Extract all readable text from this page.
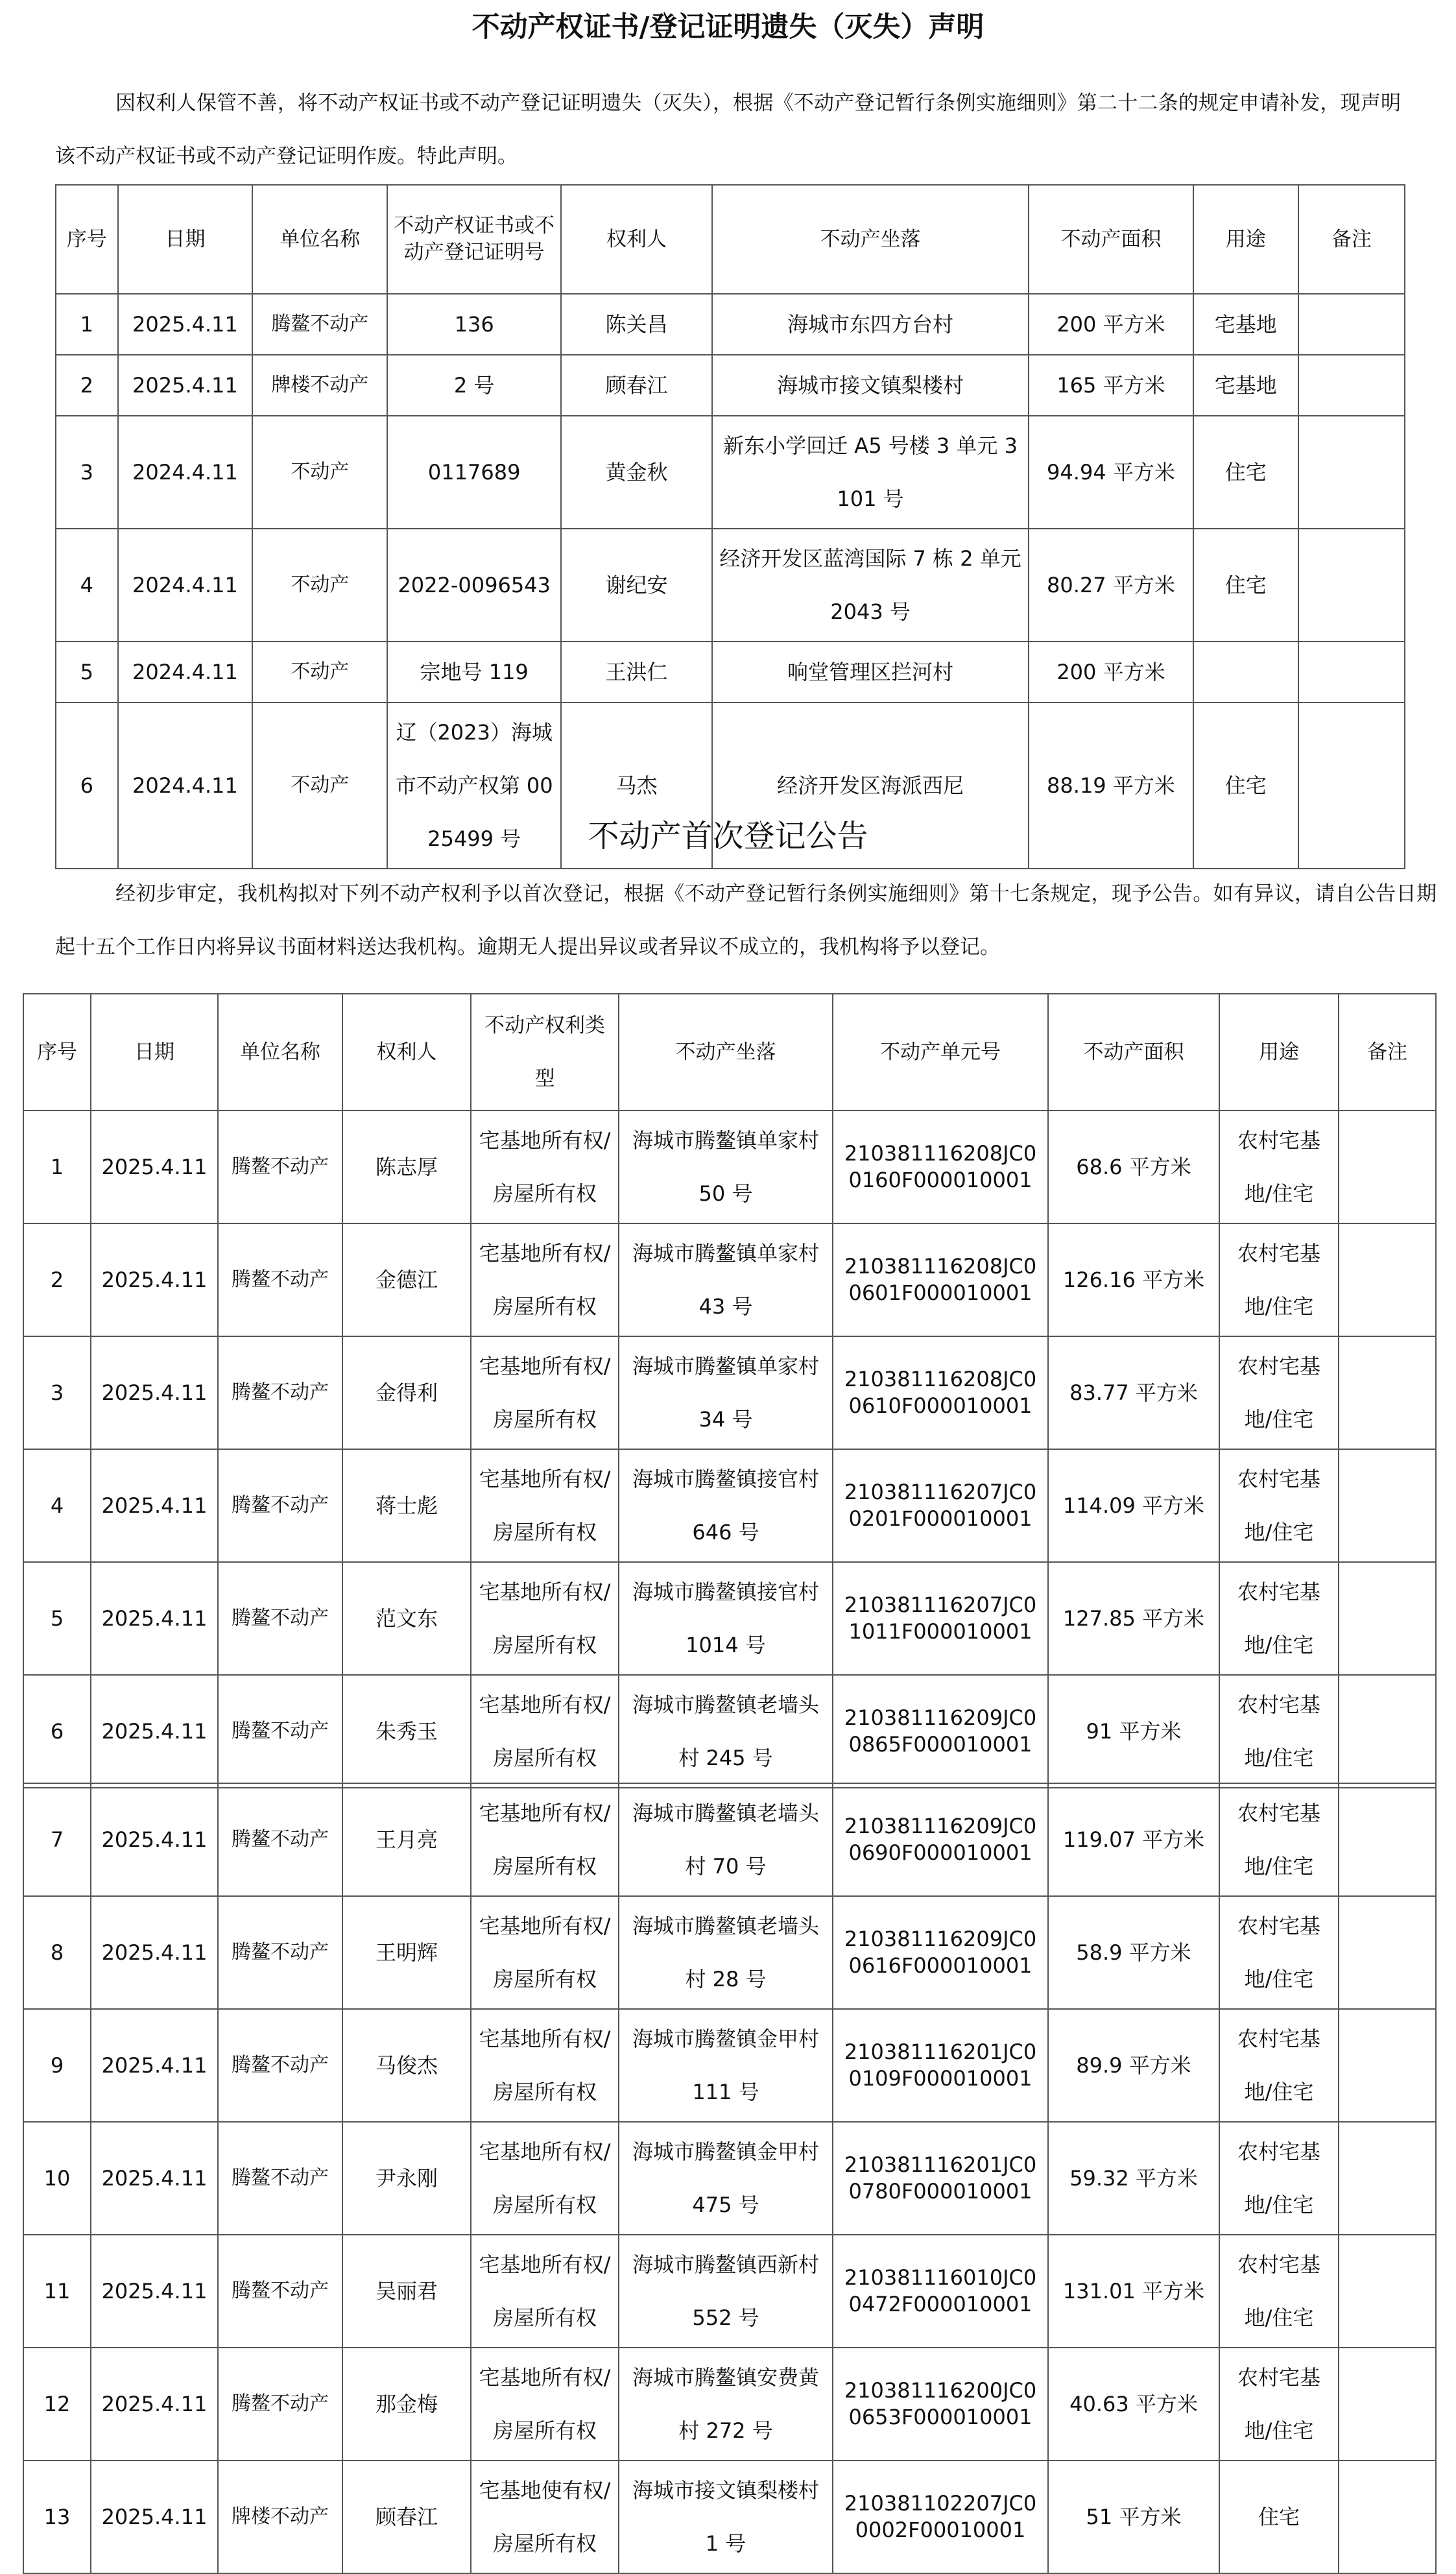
不动产权证书/登记证明遗失（灭失）声明

因权利人保管不善，将不动产权证书或不动产登记证明遗失（灭失），根据《不动产登记暂行条例实施细则》第二十二条的规定申请补发，现声明该不动产权证书或不动产登记证明作废。特此声明。

序号	日期	单位名称	不动产权证书或不动产登记证明号	权利人	不动产坐落	不动产面积	用途	备注
1	2025.4.11	腾鳌不动产	136	陈关昌	海城市东四方台村	200 平方米	宅基地	
2	2025.4.11	牌楼不动产	2 号	顾春江	海城市接文镇梨楼村	165 平方米	宅基地	
3	2024.4.11	不动产	0117689	黄金秋	新东小学回迁 A5 号楼 3 单元 3101 号	94.94 平方米	住宅	
4	2024.4.11	不动产	2022-0096543	谢纪安	经济开发区蓝湾国际 7 栋 2 单元 2043 号	80.27 平方米	住宅	
5	2024.4.11	不动产	宗地号 119	王洪仁	响堂管理区拦河村	200 平方米		
6	2024.4.11	不动产	辽（2023）海城市不动产权第 0025499 号	马杰	经济开发区海派西尼	88.19 平方米	住宅	
不动产首次登记公告

经初步审定，我机构拟对下列不动产权利予以首次登记，根据《不动产登记暂行条例实施细则》第十七条规定，现予公告。如有异议，请自公告日期起十五个工作日内将异议书面材料送达我机构。逾期无人提出异议或者异议不成立的，我机构将予以登记。

序号	日期	单位名称	权利人	不动产权利类型	不动产坐落	不动产单元号	不动产面积	用途	备注
1	2025.4.11	腾鳌不动产	陈志厚	宅基地所有权/房屋所有权	海城市腾鳌镇单家村 50 号	210381116208JC00160F000010001	68.6 平方米	农村宅基地/住宅	
2	2025.4.11	腾鳌不动产	金德江	宅基地所有权/房屋所有权	海城市腾鳌镇单家村 43 号	210381116208JC00601F000010001	126.16 平方米	农村宅基地/住宅	
3	2025.4.11	腾鳌不动产	金得利	宅基地所有权/房屋所有权	海城市腾鳌镇单家村 34 号	210381116208JC00610F000010001	83.77 平方米	农村宅基地/住宅	
4	2025.4.11	腾鳌不动产	蒋士彪	宅基地所有权/房屋所有权	海城市腾鳌镇接官村 646 号	210381116207JC00201F000010001	114.09 平方米	农村宅基地/住宅	
5	2025.4.11	腾鳌不动产	范文东	宅基地所有权/房屋所有权	海城市腾鳌镇接官村 1014 号	210381116207JC01011F000010001	127.85 平方米	农村宅基地/住宅	
6	2025.4.11	腾鳌不动产	朱秀玉	宅基地所有权/房屋所有权	海城市腾鳌镇老墙头村 245 号	210381116209JC00865F000010001	91 平方米	农村宅基地/住宅	
7	2025.4.11	腾鳌不动产	王月亮	宅基地所有权/房屋所有权	海城市腾鳌镇老墙头村 70 号	210381116209JC00690F000010001	119.07 平方米	农村宅基地/住宅	
8	2025.4.11	腾鳌不动产	王明辉	宅基地所有权/房屋所有权	海城市腾鳌镇老墙头村 28 号	210381116209JC00616F000010001	58.9 平方米	农村宅基地/住宅	
9	2025.4.11	腾鳌不动产	马俊杰	宅基地所有权/房屋所有权	海城市腾鳌镇金甲村 111 号	210381116201JC00109F000010001	89.9 平方米	农村宅基地/住宅	
10	2025.4.11	腾鳌不动产	尹永刚	宅基地所有权/房屋所有权	海城市腾鳌镇金甲村 475 号	210381116201JC00780F000010001	59.32 平方米	农村宅基地/住宅	
11	2025.4.11	腾鳌不动产	吴丽君	宅基地所有权/房屋所有权	海城市腾鳌镇西新村 552 号	210381116010JC00472F000010001	131.01 平方米	农村宅基地/住宅	
12	2025.4.11	腾鳌不动产	那金梅	宅基地所有权/房屋所有权	海城市腾鳌镇安费黄村 272 号	210381116200JC00653F000010001	40.63 平方米	农村宅基地/住宅	
13	2025.4.11	牌楼不动产	顾春江	宅基地使有权/房屋所有权	海城市接文镇梨楼村 1 号	210381102207JC00002F00010001	51 平方米	住宅	
